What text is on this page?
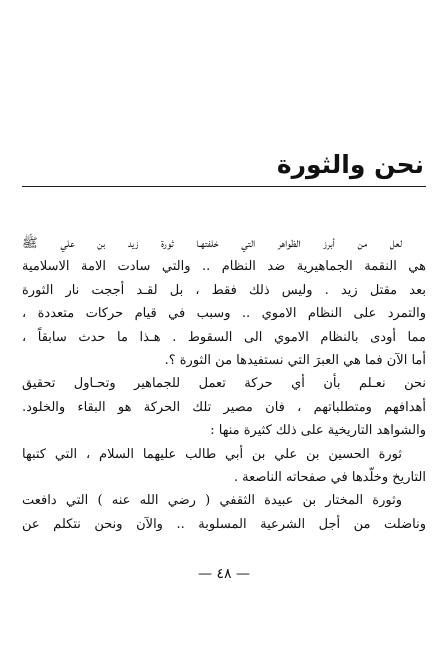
نحن والثورة
لعل من أبرز الظواهر التي خلفتهـا ثورة زيد بن علي ﷺ
هي النقمة الجماهيرية ضد النظام .. والتي سادت الامة الاسلامية
بعد مقتل زيد . وليس ذلك فقط ، بل لقـد أججت نار الثورة
والتمرد على النظام الاموي .. وسبب في قيام حركات متعددة ،
مما أودى بالنظام الاموي الى السقوط . هـذا ما حدث سابقاً ،
أما الآن فما هي العبرَ التي نستفيدها من الثورة ؟.
نحن نعـلم بأن أي حركة تعمل للجماهير وتحـاول تحقيق
أهدافهم ومتطلباتهم ، فان مصير تلك الحركة هو البقاء والخلود.
والشواهد التاريخية على ذلك كثيرة منها :
ثورة الحسين بن علي بن أبي طالب عليهما السلام ، التي كتبها
التاريخ وخلّدها في صفحاته الناصعة .
وثورة المختار بن عبيدة الثقفي ( رضي الله عنه ) التي دافعت
وناضلت من أجل الشرعية المسلوبة .. والآن ونحن نتكلم عن
— ٤٨ —
